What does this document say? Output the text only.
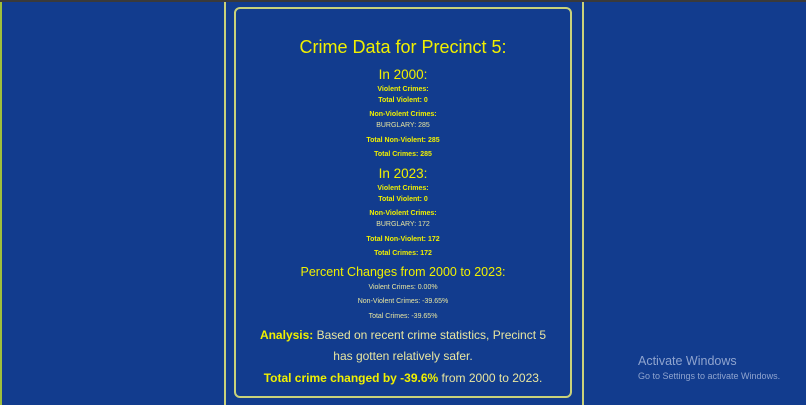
Crime Data for Precinct 5:
In 2000:
Violent Crimes:
Total Violent: 0
Non-Violent Crimes:
BURGLARY: 285
Total Non-Violent: 285
Total Crimes: 285
In 2023:
Violent Crimes:
Total Violent: 0
Non-Violent Crimes:
BURGLARY: 172
Total Non-Violent: 172
Total Crimes: 172
Percent Changes from 2000 to 2023:
Violent Crimes: 0.00%
Non-Violent Crimes: -39.65%
Total Crimes: -39.65%
Analysis: Based on recent crime statistics, Precinct 5 has gotten relatively safer.
Total crime changed by -39.6% from 2000 to 2023.
Activate Windows
Go to Settings to activate Windows.
